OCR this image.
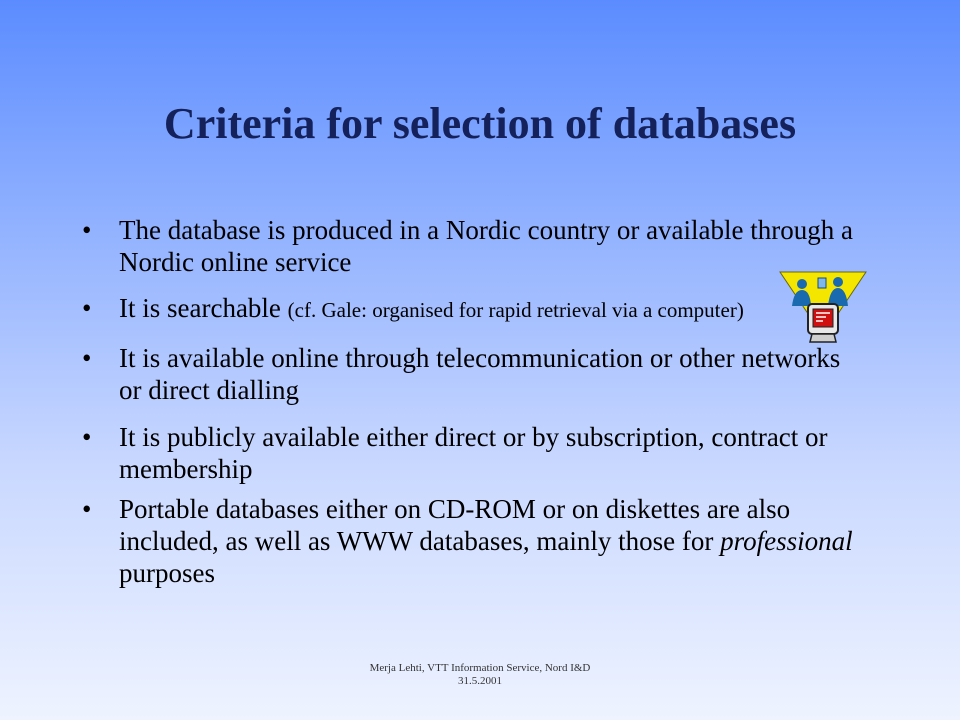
Criteria for selection of databases
• The database is produced in a Nordic country or available through a Nordic online service
• It is searchable (cf. Gale: organised for rapid retrieval via a computer)
• It is available online through telecommunication or other networks or direct dialling
• It is publicly available either direct or by subscription, contract or membership
• Portable databases either on CD-ROM or on diskettes are also included, as well as WWW databases, mainly those for professional purposes
Merja Lehti, VTT Information Service, Nord I&D
31.5.2001
